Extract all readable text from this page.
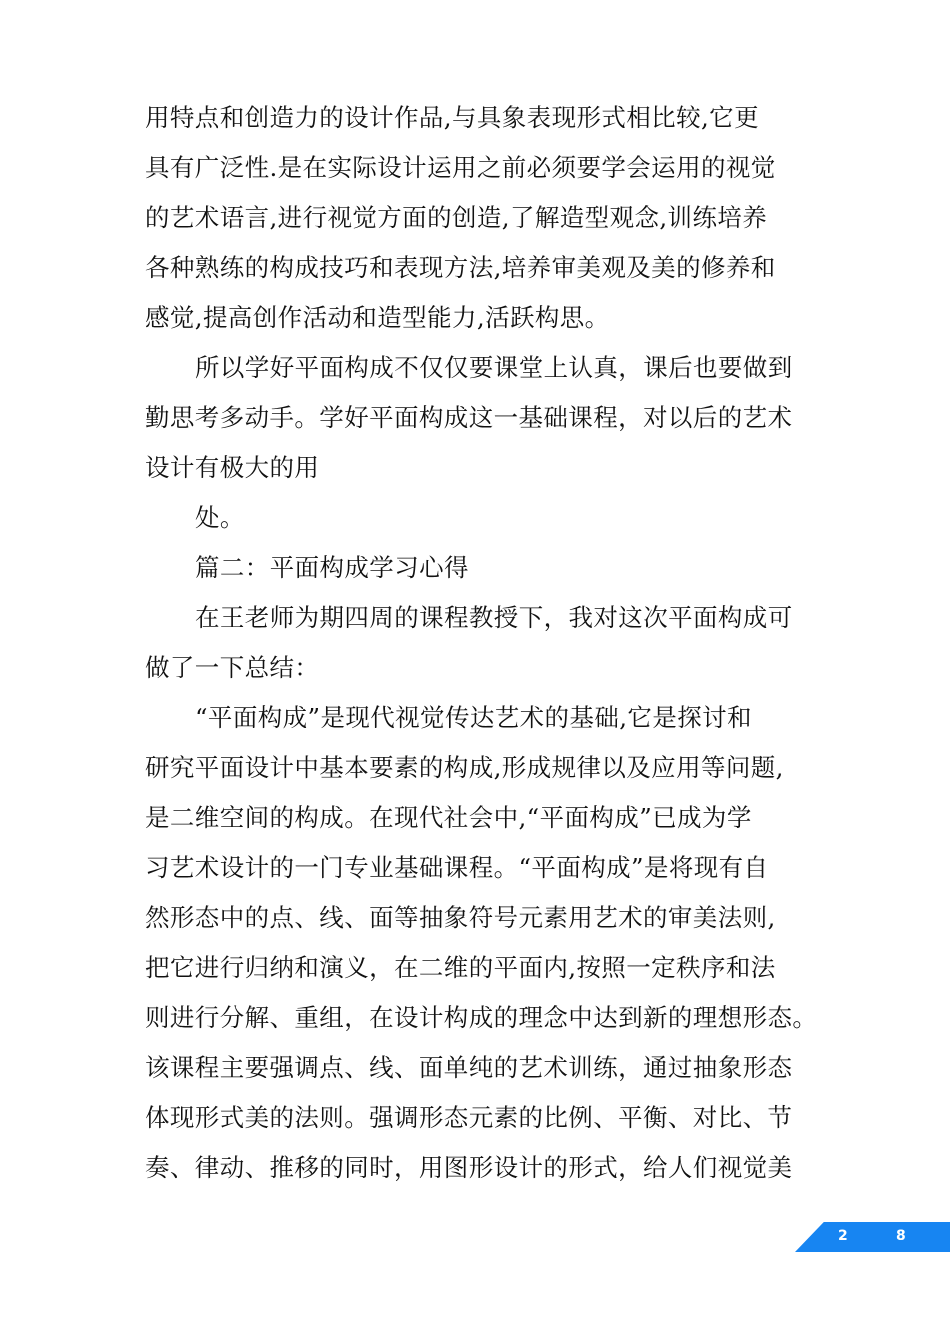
用特点和创造力的设计作品,与具象表现形式相比较,它更
具有广泛性.是在实际设计运用之前必须要学会运用的视觉
的艺术语言,进行视觉方面的创造,了解造型观念,训练培养
各种熟练的构成技巧和表现方法,培养审美观及美的修养和
感觉,提高创作活动和造型能力,活跃构思。
所以学好平面构成不仅仅要课堂上认真，课后也要做到
勤思考多动手。学好平面构成这一基础课程，对以后的艺术
设计有极大的用
处。
篇二：平面构成学习心得
在王老师为期四周的课程教授下，我对这次平面构成可
做了一下总结：
“平面构成”是现代视觉传达艺术的基础,它是探讨和
研究平面设计中基本要素的构成,形成规律以及应用等问题,
是二维空间的构成。在现代社会中,“平面构成”已成为学
习艺术设计的一门专业基础课程。“平面构成”是将现有自
然形态中的点、线、面等抽象符号元素用艺术的审美法则,
把它进行归纳和演义，在二维的平面内,按照一定秩序和法
则进行分解、重组，在设计构成的理念中达到新的理想形态。
该课程主要强调点、线、面单纯的艺术训练，通过抽象形态
体现形式美的法则。强调形态元素的比例、平衡、对比、节
奏、律动、推移的同时，用图形设计的形式，给人们视觉美
2	8
